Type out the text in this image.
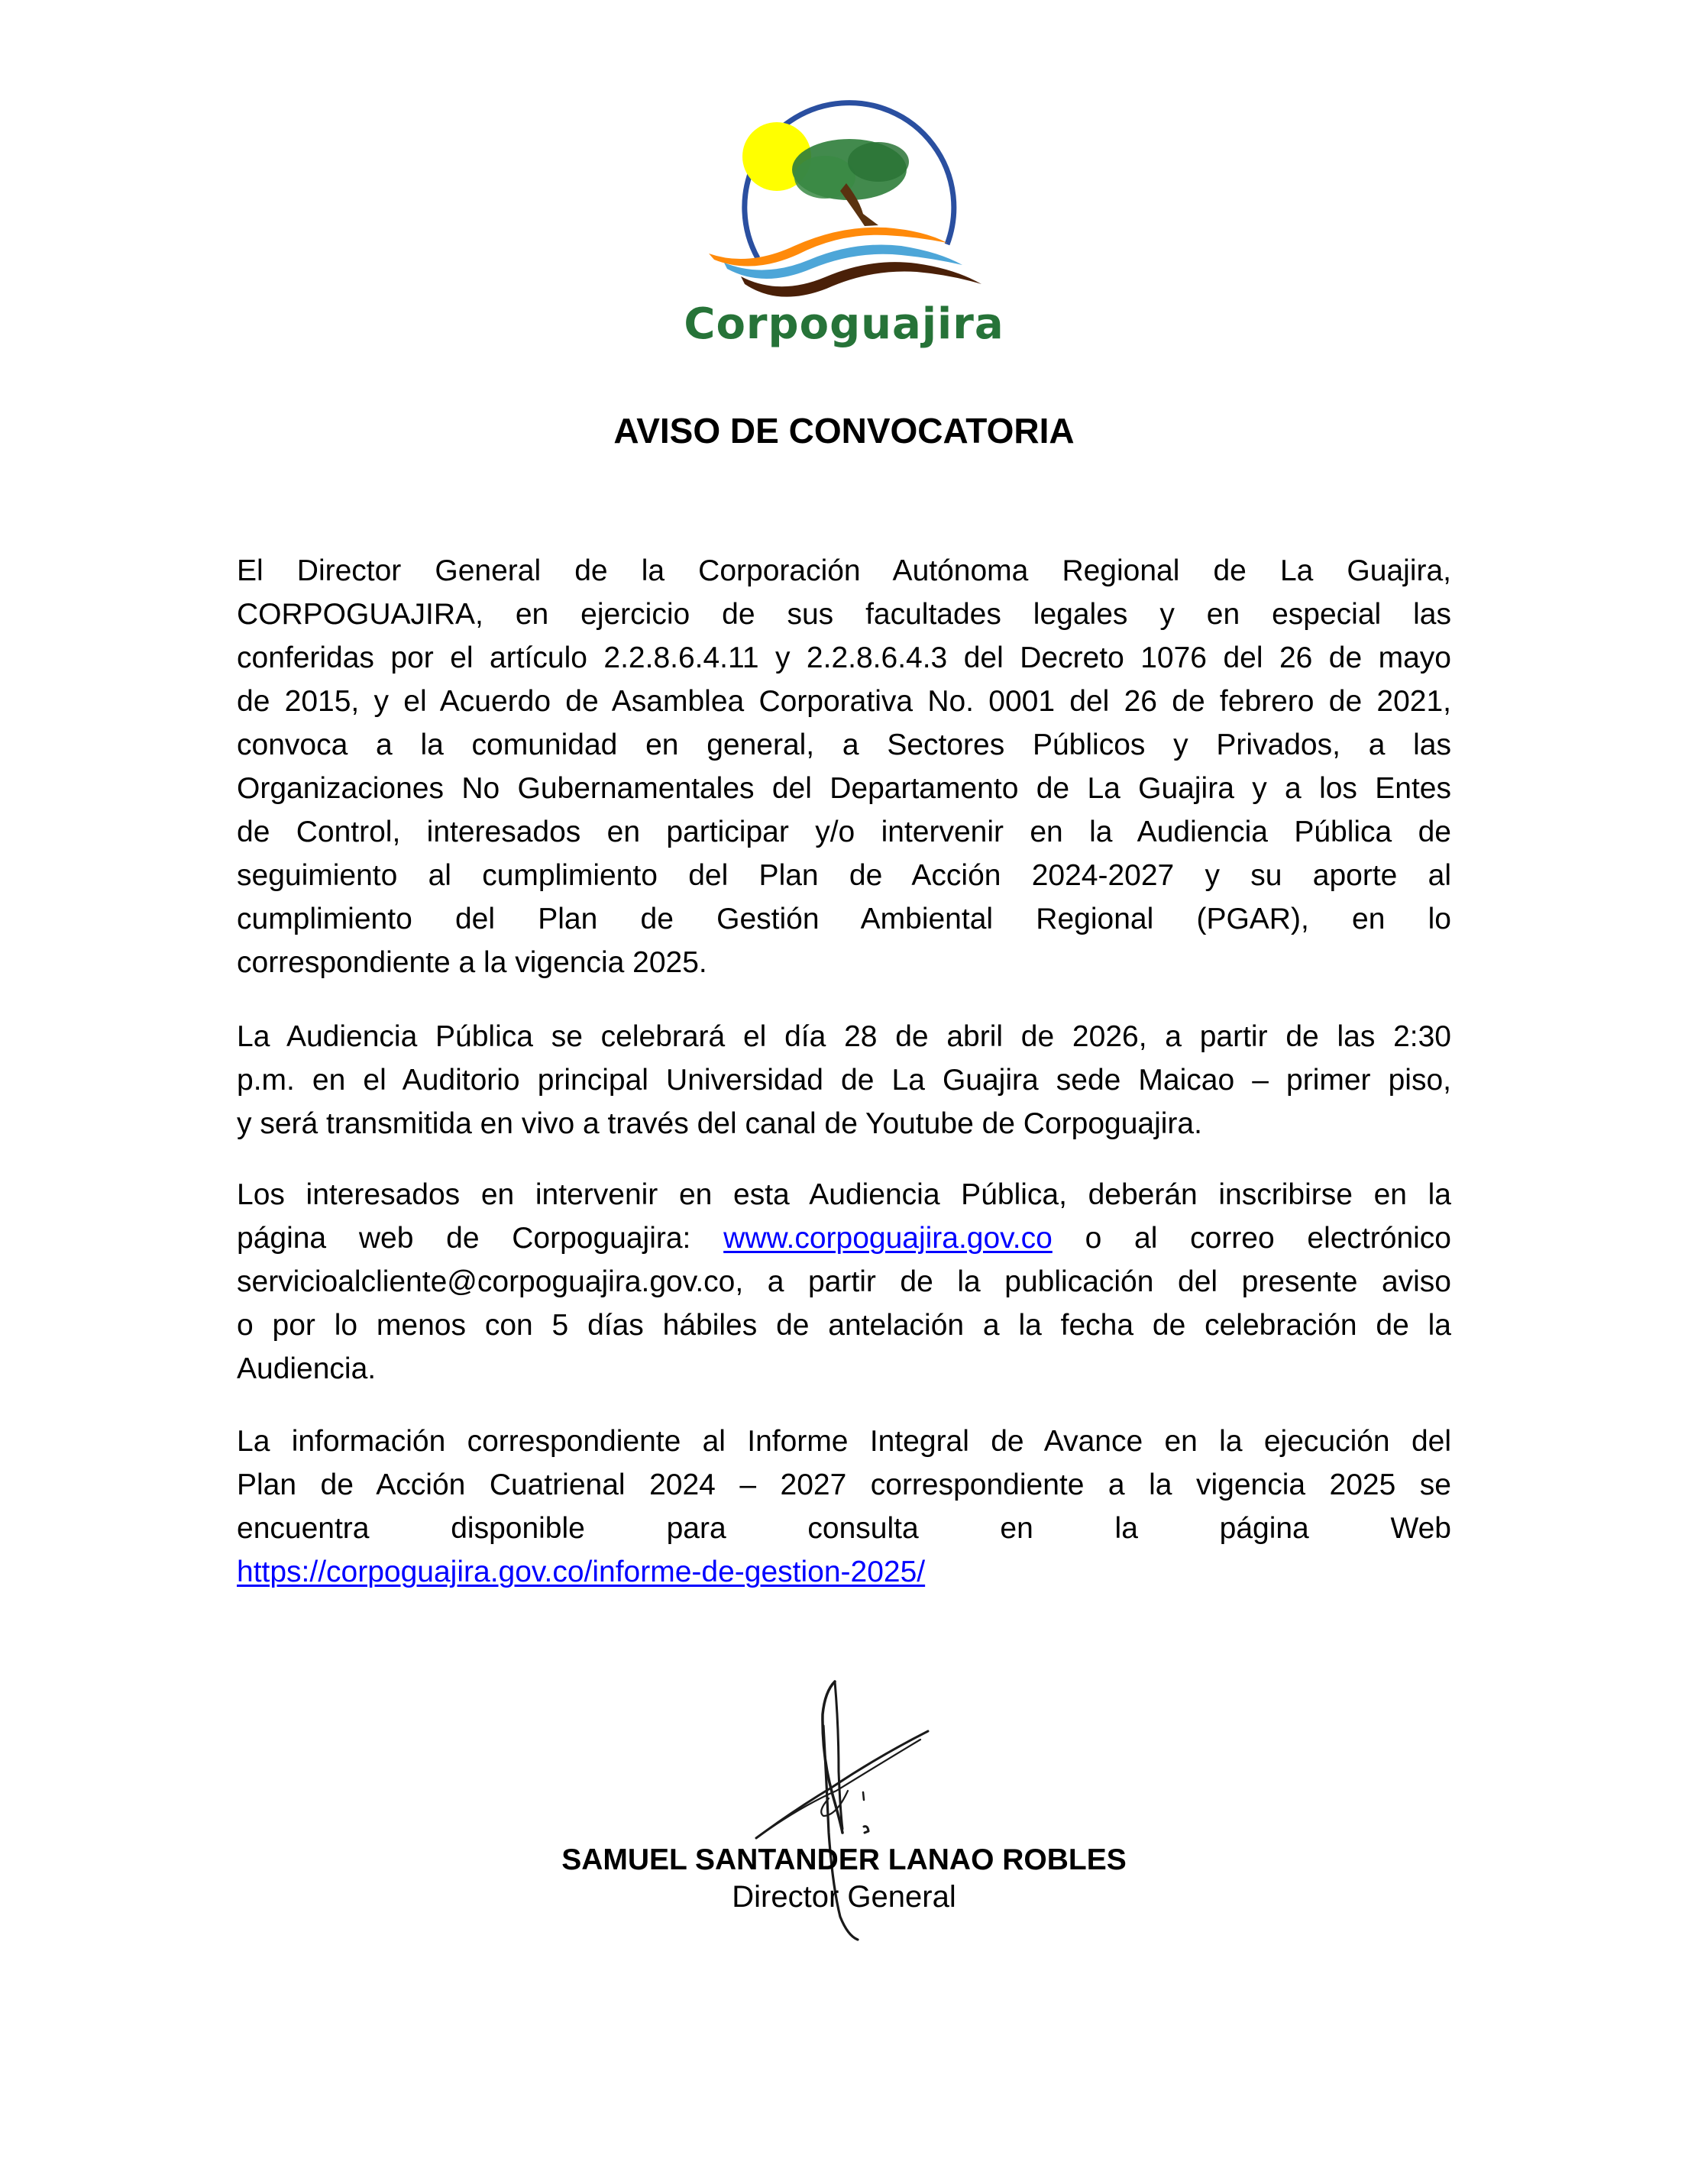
Corpoguajira
AVISO DE CONVOCATORIA
El Director General de la Corporación Autónoma Regional de La Guajira,
CORPOGUAJIRA, en ejercicio de sus facultades legales y en especial las
conferidas por el artículo 2.2.8.6.4.11 y 2.2.8.6.4.3 del Decreto 1076 del 26 de mayo
de 2015, y el Acuerdo de Asamblea Corporativa No. 0001 del 26 de febrero de 2021,
convoca a la comunidad en general, a Sectores Públicos y Privados, a las
Organizaciones No Gubernamentales del Departamento de La Guajira y a los Entes
de Control, interesados en participar y/o intervenir en la Audiencia Pública de
seguimiento al cumplimiento del Plan de Acción 2024-2027 y su aporte al
cumplimiento del Plan de Gestión Ambiental Regional (PGAR), en lo
correspondiente a la vigencia 2025.
La Audiencia Pública se celebrará el día 28 de abril de 2026, a partir de las 2:30
p.m. en el Auditorio principal Universidad de La Guajira sede Maicao – primer piso,
y será transmitida en vivo a través del canal de Youtube de Corpoguajira.
Los interesados en intervenir en esta Audiencia Pública, deberán inscribirse en la
página web de Corpoguajira: www.corpoguajira.gov.co o al correo electrónico
servicioalcliente@corpoguajira.gov.co, a partir de la publicación del presente aviso
o por lo menos con 5 días hábiles de antelación a la fecha de celebración de la
Audiencia.
La información correspondiente al Informe Integral de Avance en la ejecución del
Plan de Acción Cuatrienal 2024 – 2027 correspondiente a la vigencia 2025 se
encuentra disponible para consulta en la página Web
https://corpoguajira.gov.co/informe-de-gestion-2025/
SAMUEL SANTANDER LANAO ROBLES
Director General
